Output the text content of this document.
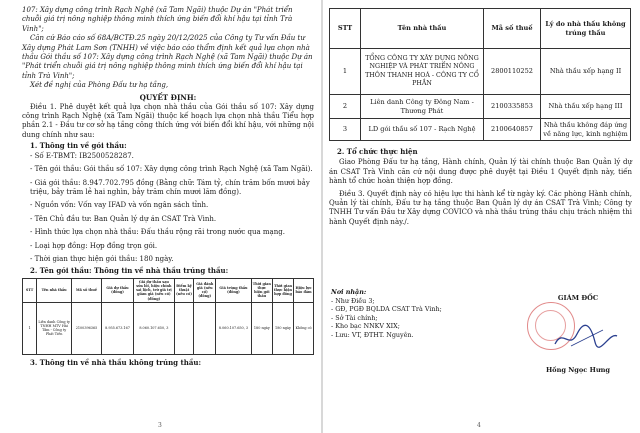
107: Xây dựng công trình Rạch Nghệ (xã Tam Ngãi) thuộc Dự án "Phát triển chuỗi giá trị nông nghiệp thông minh thích ứng biến đổi khí hậu tại tỉnh Trà Vinh";

Căn cứ Báo cáo số 68A/BCTĐ.25 ngày 20/12/2025 của Công ty Tư vấn Đầu tư Xây dựng Phát Lam Sơn (TNHH) về việc báo cáo thẩm định kết quả lựa chọn nhà thầu Gói thầu số 107: Xây dựng công trình Rạch Nghệ (xã Tam Ngãi) thuộc Dự án "Phát triển chuỗi giá trị nông nghiệp thông minh thích ứng biến đổi khí hậu tại tỉnh Trà Vinh";

Xét đề nghị của Phòng Đấu tư hạ tầng,

QUYẾT ĐỊNH:

Điều 1. Phê duyệt kết quả lựa chọn nhà thầu của Gói thầu số 107: Xây dựng công trình Rạch Nghệ (xã Tam Ngãi) thuộc kế hoạch lựa chọn nhà thầu Tiểu hợp phần 2.1 - Đầu tư cơ sở hạ tầng công thích ứng với biến đổi khí hậu, với những nội dung chính như sau:

1. Thông tin về gói thầu:

- Số E-TBMT: IB2500528287.

- Tên gói thầu: Gói thầu số 107: Xây dựng công trình Rạch Nghệ (xã Tam Ngãi).

- Giá gói thầu: 8.947.702.795 đồng (Bằng chữ: Tám tỷ, chín trăm bốn mươi bảy triệu, bảy trăm lẻ hai nghìn, bảy trăm chín mươi lăm đồng).

- Nguồn vốn: Vốn vay IFAD và vốn ngân sách tỉnh.

- Tên Chủ đầu tư: Ban Quản lý dự án CSAT Trà Vinh.

- Hình thức lựa chọn nhà thầu: Đấu thầu rộng rãi trong nước qua mạng.

- Loại hợp đồng: Hợp đồng trọn gói.

- Thời gian thực hiện gói thầu: 180 ngày.

2. Tên gói thầu: Thông tin về nhà thầu trúng thầu:

STT	Tên nhà thầu	Mã số thuế	Giá dự thầu (đồng)	Giá dự thầu sau sửa lỗi, hiệu chỉnh sai lệch, trừ giá trị giảm giá (nếu có) (đồng)	Điểm kỹ thuật (nếu có)	Giá đánh giá (nếu có) (đồng)	Giá trúng thầu (đồng)	Thời gian thực hiện gói thầu	Thời gian thực hiện hợp đồng	Hiệu lực bảo đảm
1	Liên danh Công ty TNHH MTV Hải Tâm - Công ty Phát Tiến	2100396365	8.955.673.167	8.060.107.650, 3			8.060.107.650, 3	180 ngày	180 ngày	Không có

3. Thông tin về nhà thầu không trúng thầu:

3
STT	Tên nhà thầu	Mã số thuế	Lý do nhà thầu không trúng thầu
1	TỔNG CÔNG TY XÂY DỰNG NÔNG NGHIỆP VÀ PHÁT TRIỂN NÔNG THÔN THANH HOÁ - CÔNG TY CỔ PHẦN	2800110252	Nhà thầu xếp hạng II
2	Liên danh Công ty Đông Nam - Thương Phát	2100335853	Nhà thầu xếp hạng III
3	LD gói thầu số 107 - Rạch Nghệ	2100640857	Nhà thầu không đáp ứng về năng lực, kinh nghiệm

2. Tổ chức thực hiện

Giao Phòng Đấu tư hạ tầng, Hành chính, Quản lý tài chính thuộc Ban Quản lý dự án CSAT Trà Vinh căn cứ nội dung được phê duyệt tại Điều 1 Quyết định này, tiến hành tổ chức hoàn thiện hợp đồng.

Điều 3. Quyết định này có hiệu lực thi hành kể từ ngày ký. Các phòng Hành chính, Quản lý tài chính, Đấu tư hạ tầng thuộc Ban Quản lý dự án CSAT Trà Vinh; Công ty TNHH Tư vấn Đầu tư Xây dựng COVICO và nhà thầu trúng thầu chịu trách nhiệm thi hành Quyết định này./.

Nơi nhận:

- Như Điều 3;

- GĐ, PGĐ BQLDA CSAT Trà Vinh;

- Sở Tài chính;

- Kho bạc NNKV XIX;

- Lưu: VT, ĐTHT. Nguyên.

GIÁM ĐỐC
Hồng Ngọc Hưng
4
